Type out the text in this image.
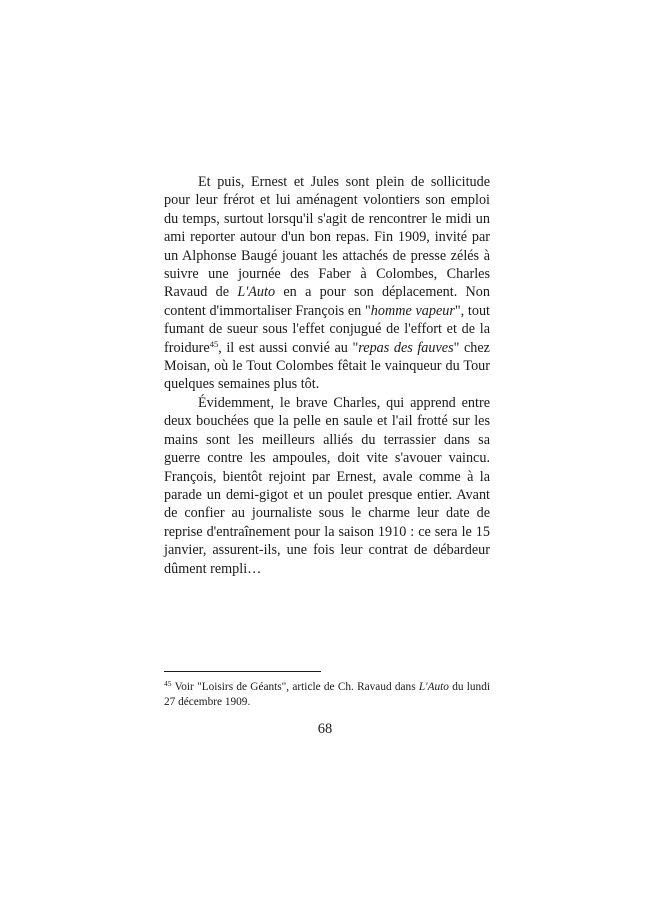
Et puis, Ernest et Jules sont plein de sollicitude pour leur frérot et lui aménagent volontiers son emploi du temps, surtout lorsqu'il s'agit de rencontrer le midi un ami reporter autour d'un bon repas. Fin 1909, invité par un Alphonse Baugé jouant les attachés de presse zélés à suivre une journée des Faber à Colombes, Charles Ravaud de L'Auto en a pour son déplacement. Non content d'immortaliser François en "homme vapeur", tout fumant de sueur sous l'effet conjugué de l'effort et de la froidure$^{45}$, il est aussi convié au "repas des fauves" chez Moisan, où le Tout Colombes fêtait le vainqueur du Tour quelques semaines plus tôt.

Évidemment, le brave Charles, qui apprend entre deux bouchées que la pelle en saule et l'ail frotté sur les mains sont les meilleurs alliés du terrassier dans sa guerre contre les ampoules, doit vite s'avouer vaincu. François, bientôt rejoint par Ernest, avale comme à la parade un demi-gigot et un poulet presque entier. Avant de confier au journaliste sous le charme leur date de reprise d'entraînement pour la saison 1910 : ce sera le 15 janvier, assurent-ils, une fois leur contrat de débardeur dûment rempli…

$^{45}$ Voir "Loisirs de Géants", article de Ch. Ravaud dans L'Auto du lundi 27 décembre 1909.
68
